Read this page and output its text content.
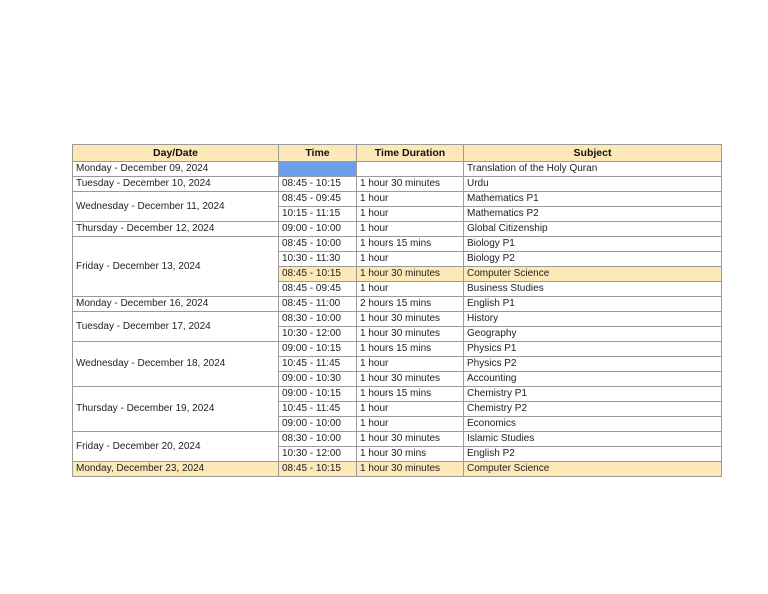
Day/Date	Time	Time Duration	Subject
Monday - December 09, 2024			Translation of the Holy Quran
Tuesday - December 10, 2024	08:45 - 10:15	1 hour 30 minutes	Urdu
Wednesday - December 11, 2024	08:45 - 09:45	1 hour	Mathematics P1
	10:15 - 11:15	1 hour	Mathematics P2
Thursday - December 12, 2024	09:00 - 10:00	1 hour	Global Citizenship
Friday - December 13, 2024	08:45 - 10:00	1 hours 15 mins	Biology P1
	10:30 - 11:30	1 hour	Biology P2
	08:45 - 10:15	1 hour 30 minutes	Computer Science
	08:45 - 09:45	1 hour	Business Studies
Monday - December 16, 2024	08:45 - 11:00	2 hours 15 mins	English P1
Tuesday - December 17, 2024	08:30 - 10:00	1 hour 30 minutes	History
	10:30 - 12:00	1 hour 30 minutes	Geography
Wednesday - December 18, 2024	09:00 - 10:15	1 hours 15 mins	Physics P1
	10:45 - 11:45	1 hour	Physics P2
	09:00 - 10:30	1 hour 30 minutes	Accounting
Thursday - December 19, 2024	09:00 - 10:15	1 hours 15 mins	Chemistry P1
	10:45 - 11:45	1 hour	Chemistry P2
	09:00 - 10:00	1 hour	Economics
Friday - December 20, 2024	08:30 - 10:00	1 hour 30 minutes	Islamic Studies
	10:30 - 12:00	1 hour 30 mins	English P2
Monday, December 23, 2024	08:45 - 10:15	1 hour 30 minutes	Computer Science
